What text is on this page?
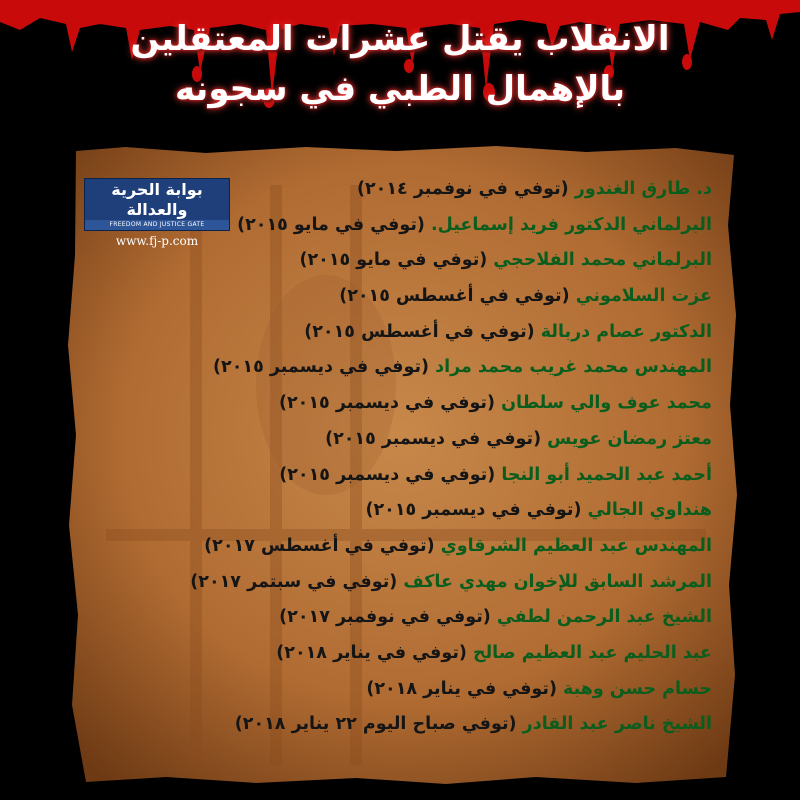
الانقلاب يقتل عشرات المعتقلين
بالإهمال الطبي في سجونه
بوابة الحرية والعدالة
FREEDOM AND JUSTICE GATE
www.fj-p.com
د. طارق الغندور (توفي في نوفمبر ٢٠١٤)
البرلماني الدكتور فريد إسماعيل. (توفي في مايو ٢٠١٥)
البرلماني محمد الفلاحجي (توفي في مايو ٢٠١٥)
عزت السلاموني (توفي في أغسطس ٢٠١٥)
الدكتور عصام دربالة (توفي في أغسطس ٢٠١٥)
المهندس محمد غريب محمد مراد (توفي في ديسمبر ٢٠١٥)
محمد عوف والي سلطان (توفي في ديسمبر ٢٠١٥)
معتز رمضان عويس (توفي في ديسمبر ٢٠١٥)
أحمد عبد الحميد أبو النجا (توفي في ديسمبر ٢٠١٥)
هنداوي الجالي (توفي في ديسمبر ٢٠١٥)
المهندس عبد العظيم الشرقاوي (توفي في أغسطس ٢٠١٧)
المرشد السابق للإخوان مهدي عاكف (توفي في سبتمر ٢٠١٧)
الشيخ عبد الرحمن لطفي (توفي في نوفمبر ٢٠١٧)
عبد الحليم عبد العظيم صالح (توفي في يناير ٢٠١٨)
حسام حسن وهبة (توفي في يناير ٢٠١٨)
الشيخ ناصر عبد القادر (توفي صباح اليوم ٢٢ يناير ٢٠١٨)
